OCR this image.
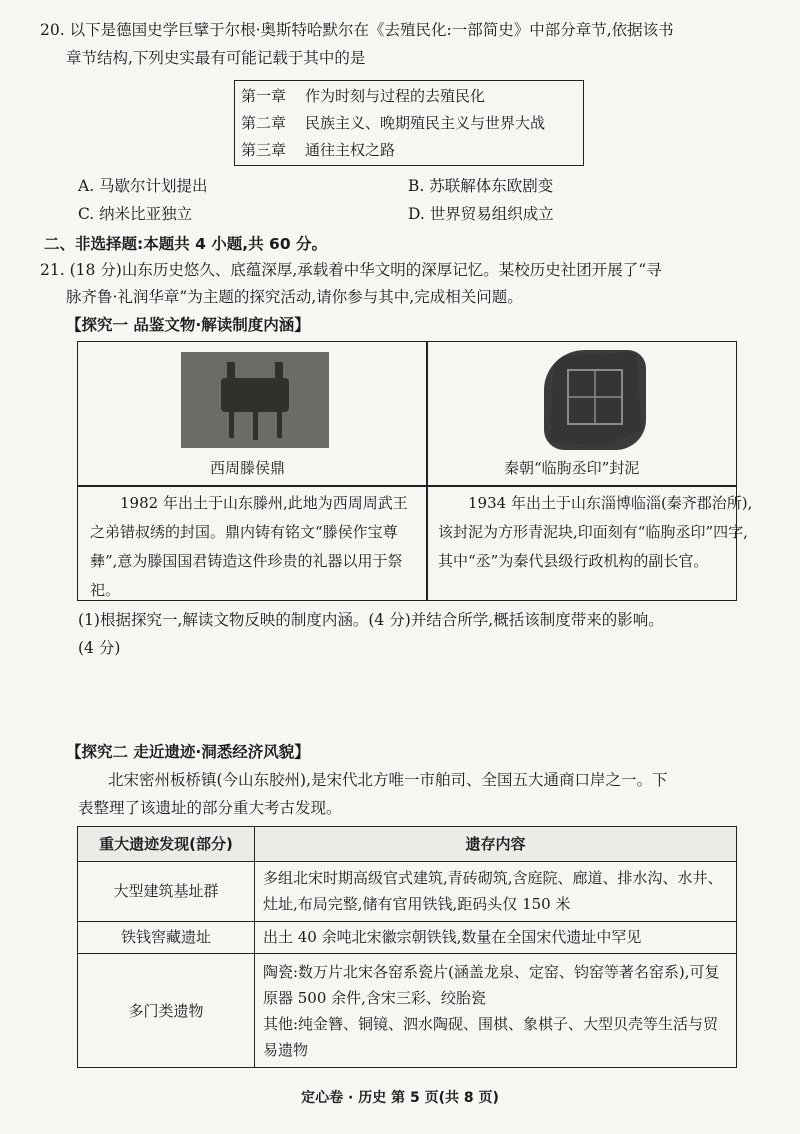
20. 以下是德国史学巨擘于尔根·奥斯特哈默尔在《去殖民化:一部简史》中部分章节,依据该书
章节结构,下列史实最有可能记载于其中的是
第一章 作为时刻与过程的去殖民化
第二章 民族主义、晚期殖民主义与世界大战
第三章 通往主权之路
A. 马歇尔计划提出	B. 苏联解体东欧剧变
C. 纳米比亚独立	D. 世界贸易组织成立
二、非选择题:本题共 4 小题,共 60 分。
21. (18 分)山东历史悠久、底蕴深厚,承载着中华文明的深厚记忆。某校历史社团开展了“寻
脉齐鲁·礼润华章”为主题的探究活动,请你参与其中,完成相关问题。
【探究一 品鉴文物·解读制度内涵】
西周滕侯鼎	秦朝“临朐丞印”封泥
1982 年出土于山东滕州,此地为西周周武王之弟错叔绣的封国。鼎内铸有铭文“滕侯作宝尊彝”,意为滕国国君铸造这件珍贵的礼器以用于祭祀。
1934 年出土于山东淄博临淄(秦齐郡治所),该封泥为方形青泥块,印面刻有“临朐丞印”四字,其中“丞”为秦代县级行政机构的副长官。
(1)根据探究一,解读文物反映的制度内涵。(4 分)并结合所学,概括该制度带来的影响。
(4 分)
【探究二 走近遗迹·洞悉经济风貌】
北宋密州板桥镇(今山东胶州),是宋代北方唯一市舶司、全国五大通商口岸之一。下
表整理了该遗址的部分重大考古发现。
重大遗迹发现(部分)	遗存内容
大型建筑基址群	多组北宋时期高级官式建筑,青砖砌筑,含庭院、廊道、排水沟、水井、灶址,布局完整,储有官用铁钱,距码头仅 150 米

铁钱窖藏遗址	出土 40 余吨北宋徽宗朝铁钱,数量在全国宋代遗址中罕见

多门类遗物	陶瓷:数万片北宋各窑系瓷片(涵盖龙泉、定窑、钧窑等著名窑系),可复原器 500 余件,含宋三彩、绞胎瓷
其他:纯金簪、铜镜、泗水陶砚、围棋、象棋子、大型贝壳等生活与贸易遗物
定心卷 · 历史 第 5 页(共 8 页)
